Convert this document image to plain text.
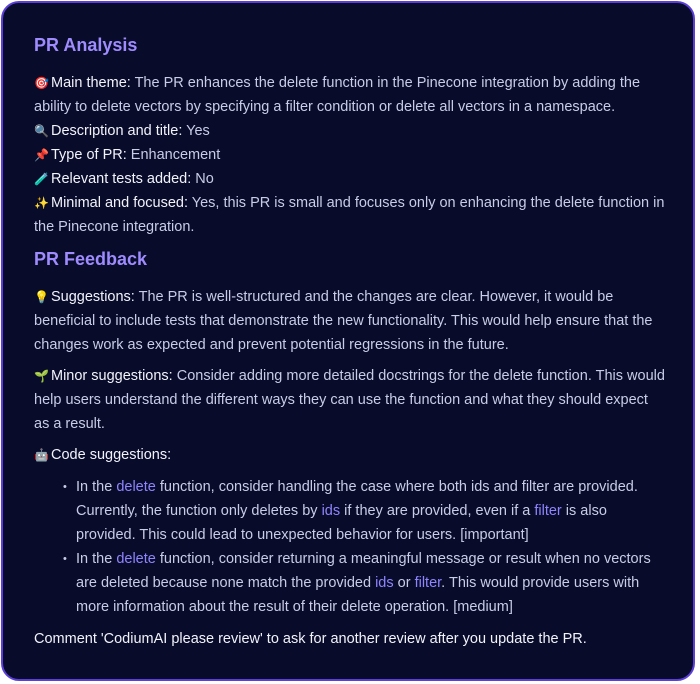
PR Analysis

🎯 Main theme: The PR enhances the delete function in the Pinecone integration by adding the ability to delete vectors by specifying a filter condition or delete all vectors in a namespace.

🔍 Description and title: Yes

📌 Type of PR: Enhancement

🧪 Relevant tests added: No

✨ Minimal and focused: Yes, this PR is small and focuses only on enhancing the delete function in the Pinecone integration.

PR Feedback

💡 Suggestions: The PR is well-structured and the changes are clear. However, it would be beneficial to include tests that demonstrate the new functionality. This would help ensure that the changes work as expected and prevent potential regressions in the future.

🌱 Minor suggestions: Consider adding more detailed docstrings for the delete function. This would help users understand the different ways they can use the function and what they should expect as a result.

🤖 Code suggestions:

• In the delete function, consider handling the case where both ids and filter are provided. Currently, the function only deletes by ids if they are provided, even if a filter is also provided. This could lead to unexpected behavior for users. [important]
• In the delete function, consider returning a meaningful message or result when no vectors are deleted because none match the provided ids or filter. This would provide users with more information about the result of their delete operation. [medium]

Comment 'CodiumAI please review' to ask for another review after you update the PR.
